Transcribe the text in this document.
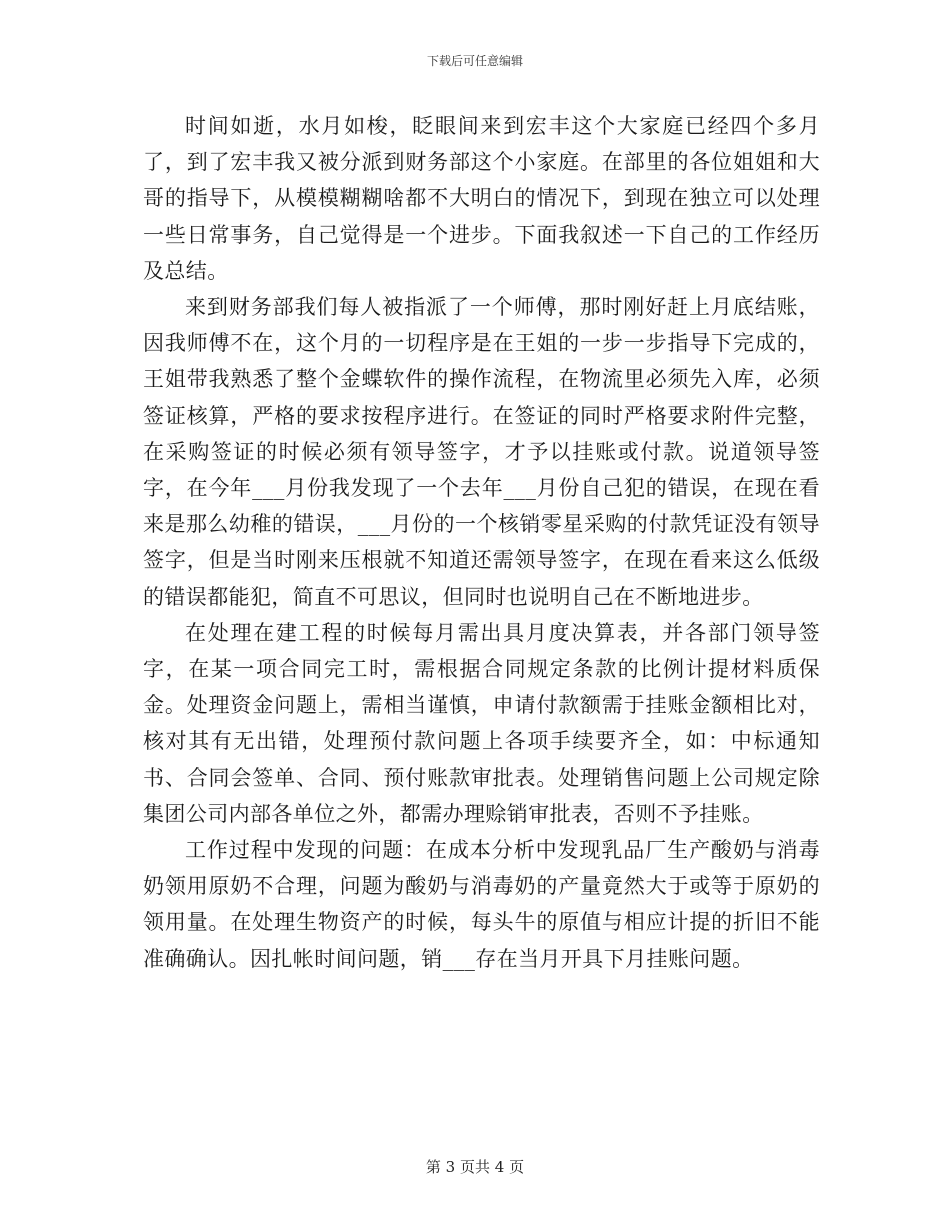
下载后可任意编辑

时间如逝，水月如梭，眨眼间来到宏丰这个大家庭已经四个多月了，到了宏丰我又被分派到财务部这个小家庭。在部里的各位姐姐和大哥的指导下，从模模糊糊啥都不大明白的情况下，到现在独立可以处理一些日常事务，自己觉得是一个进步。下面我叙述一下自己的工作经历及总结。

来到财务部我们每人被指派了一个师傅，那时刚好赶上月底结账，因我师傅不在，这个月的一切程序是在王姐的一步一步指导下完成的，王姐带我熟悉了整个金蝶软件的操作流程，在物流里必须先入库，必须签证核算，严格的要求按程序进行。在签证的同时严格要求附件完整，在采购签证的时候必须有领导签字，才予以挂账或付款。说道领导签字，在今年___月份我发现了一个去年___月份自己犯的错误，在现在看来是那么幼稚的错误，___月份的一个核销零星采购的付款凭证没有领导签字，但是当时刚来压根就不知道还需领导签字，在现在看来这么低级的错误都能犯，简直不可思议，但同时也说明自己在不断地进步。

在处理在建工程的时候每月需出具月度决算表，并各部门领导签字，在某一项合同完工时，需根据合同规定条款的比例计提材料质保金。处理资金问题上，需相当谨慎，申请付款额需于挂账金额相比对，核对其有无出错，处理预付款问题上各项手续要齐全，如：中标通知书、合同会签单、合同、预付账款审批表。处理销售问题上公司规定除集团公司内部各单位之外，都需办理赊销审批表，否则不予挂账。

工作过程中发现的问题：在成本分析中发现乳品厂生产酸奶与消毒奶领用原奶不合理，问题为酸奶与消毒奶的产量竟然大于或等于原奶的领用量。在处理生物资产的时候，每头牛的原值与相应计提的折旧不能准确确认。因扎帐时间问题，销___存在当月开具下月挂账问题。

第 3 页共 4 页
